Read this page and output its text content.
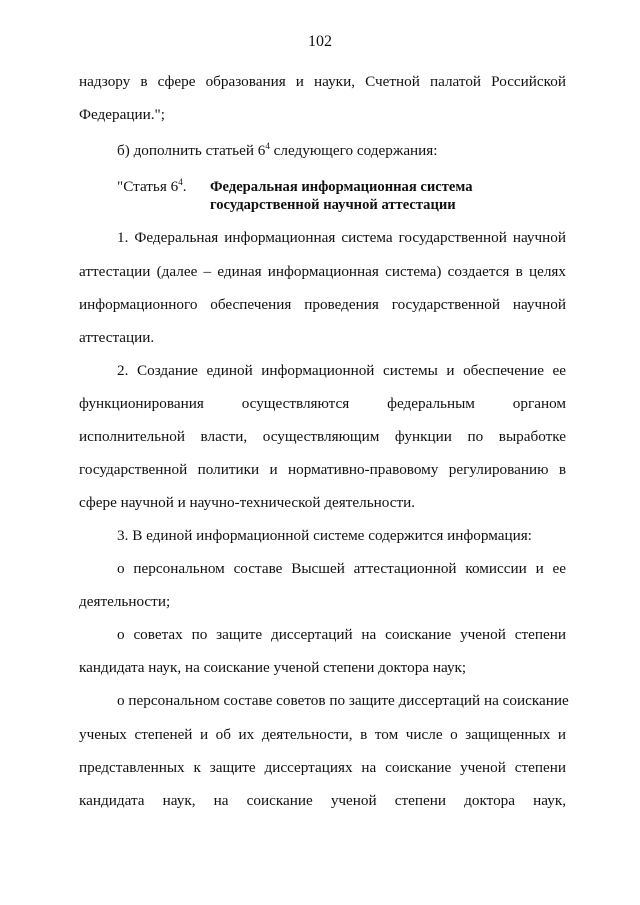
102
надзору в сфере образования и науки, Счетной палатой Российской
Федерации.";
б) дополнить статьей $6^4$ следующего содержания:
"Статья $6^4$. Федеральная информационная система
государственной научной аттестации
1. Федеральная информационная система государственной научной
аттестации (далее – единая информационная система) создается в целях
информационного обеспечения проведения государственной научной
аттестации.
2. Создание единой информационной системы и обеспечение ее
функционирования осуществляются федеральным органом
исполнительной власти, осуществляющим функции по выработке
государственной политики и нормативно-правовому регулированию в
сфере научной и научно-технической деятельности.
3. В единой информационной системе содержится информация:
о персональном составе Высшей аттестационной комиссии и ее
деятельности;
о советах по защите диссертаций на соискание ученой степени
кандидата наук, на соискание ученой степени доктора наук;
о персональном составе советов по защите диссертаций на соискание
ученых степеней и об их деятельности, в том числе о защищенных и
представленных к защите диссертациях на соискание ученой степени
кандидата наук, на соискание ученой степени доктора наук,
